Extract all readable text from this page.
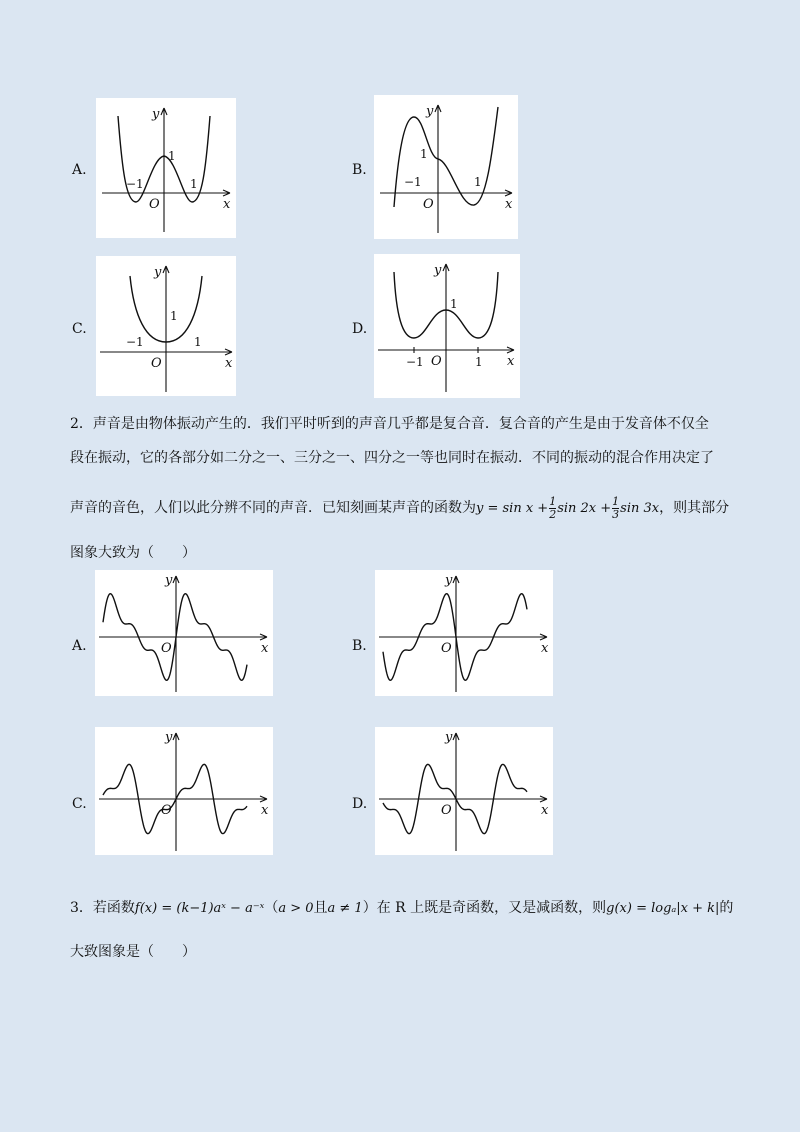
A.
y
x
O
1
−1	1
B.
y
x
O
1
−1	1
C.
y
x
O
1
−1	1
D.
y
x
O
1
−1	1
2．声音是由物体振动产生的．我们平时听到的声音几乎都是复合音．复合音的产生是由于发音体不仅全
段在振动，它的各部分如二分之一、三分之一、四分之一等也同时在振动．不同的振动的混合作用决定了
声音的音色，人们以此分辨不同的声音．已知刻画某声音的函数为$y = \sin x + \frac{1}{2}$ $\sin 2x + \frac{1}{3}$ sin 3x，则其部分
图象大致为（　　）
A.
y
x
O	B.
y
x
O
C.
y
x
O	D.
y
x
O
3．若函数f(x) = (k−1)aˣ − a⁻ˣ（a > 0且a ≠ 1）在 R 上既是奇函数，又是减函数，则g(x) = logₐ|x + k|的
大致图象是（　　）
